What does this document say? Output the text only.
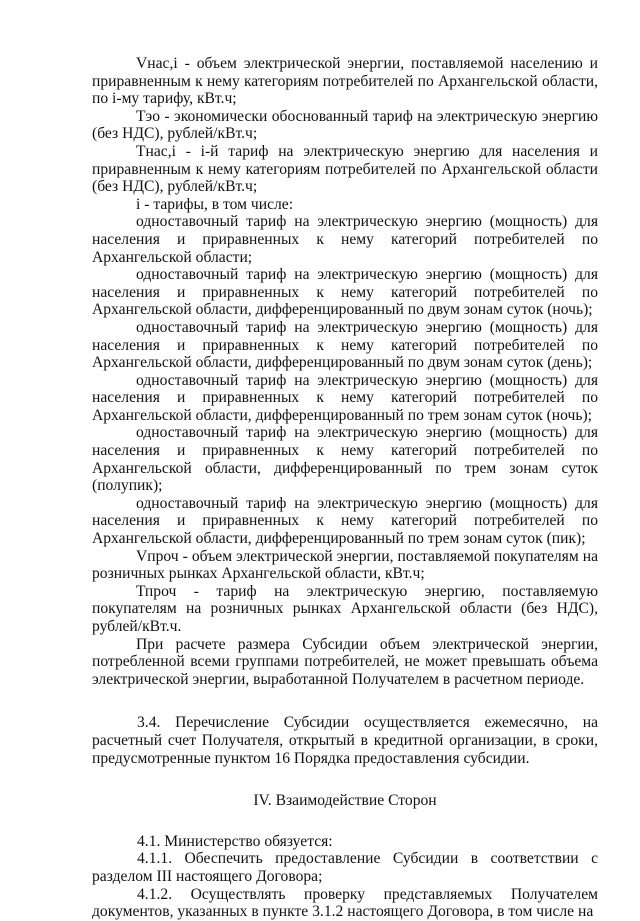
Vнас,i - объем электрической энергии, поставляемой населению и приравненным к нему категориям потребителей по Архангельской области, по i-му тарифу, кВт.ч;

Тэо - экономически обоснованный тариф на электрическую энергию (без НДС), рублей/кВт.ч;

Тнас,i - i-й тариф на электрическую энергию для населения и приравненным к нему категориям потребителей по Архангельской области (без НДС), рублей/кВт.ч;

i - тарифы, в том числе:

одноставочный тариф на электрическую энергию (мощность) для населения и приравненных к нему категорий потребителей по Архангельской области;

одноставочный тариф на электрическую энергию (мощность) для населения и приравненных к нему категорий потребителей по Архангельской области, дифференцированный по двум зонам суток (ночь);

одноставочный тариф на электрическую энергию (мощность) для населения и приравненных к нему категорий потребителей по Архангельской области, дифференцированный по двум зонам суток (день);

одноставочный тариф на электрическую энергию (мощность) для населения и приравненных к нему категорий потребителей по Архангельской области, дифференцированный по трем зонам суток (ночь);

одноставочный тариф на электрическую энергию (мощность) для населения и приравненных к нему категорий потребителей по Архангельской области, дифференцированный по трем зонам суток (полупик);

одноставочный тариф на электрическую энергию (мощность) для населения и приравненных к нему категорий потребителей по Архангельской области, дифференцированный по трем зонам суток (пик);

Vпроч - объем электрической энергии, поставляемой покупателям на розничных рынках Архангельской области, кВт.ч;

Тпроч - тариф на электрическую энергию, поставляемую покупателям на розничных рынках Архангельской области (без НДС), рублей/кВт.ч.

При расчете размера Субсидии объем электрической энергии, потребленной всеми группами потребителей, не может превышать объема электрической энергии, выработанной Получателем в расчетном периоде.

3.4. Перечисление Субсидии осуществляется ежемесячно, на расчетный счет Получателя, открытый в кредитной организации, в сроки, предусмотренные пунктом 16 Порядка предоставления субсидии.

IV. Взаимодействие Сторон

4.1. Министерство обязуется:

4.1.1. Обеспечить предоставление Субсидии в соответствии с разделом III настоящего Договора;

4.1.2. Осуществлять проверку представляемых Получателем документов, указанных в пункте 3.1.2 настоящего Договора, в том числе на
